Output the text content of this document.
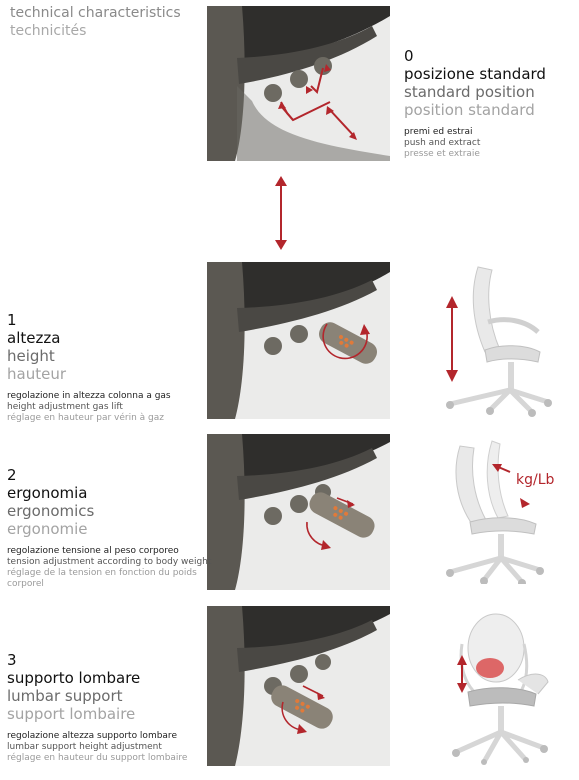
technical characteristics
technicités
0
posizione standard
standard position
position standard
premi ed estrai
push and extract
presse et extraie
1
altezza
height
hauteur
regolazione in altezza colonna a gas
height adjustment gas lift
réglage en hauteur par vérin à gaz
2
ergonomia
ergonomics
ergonomie
regolazione tensione al peso corporeo
tension adjustment according to body weight
réglage de la tension en fonction du poids corporel
kg/Lb
3
supporto lombare
lumbar support
support lombaire
regolazione altezza supporto lombare
lumbar support height adjustment
réglage en hauteur du support lombaire
